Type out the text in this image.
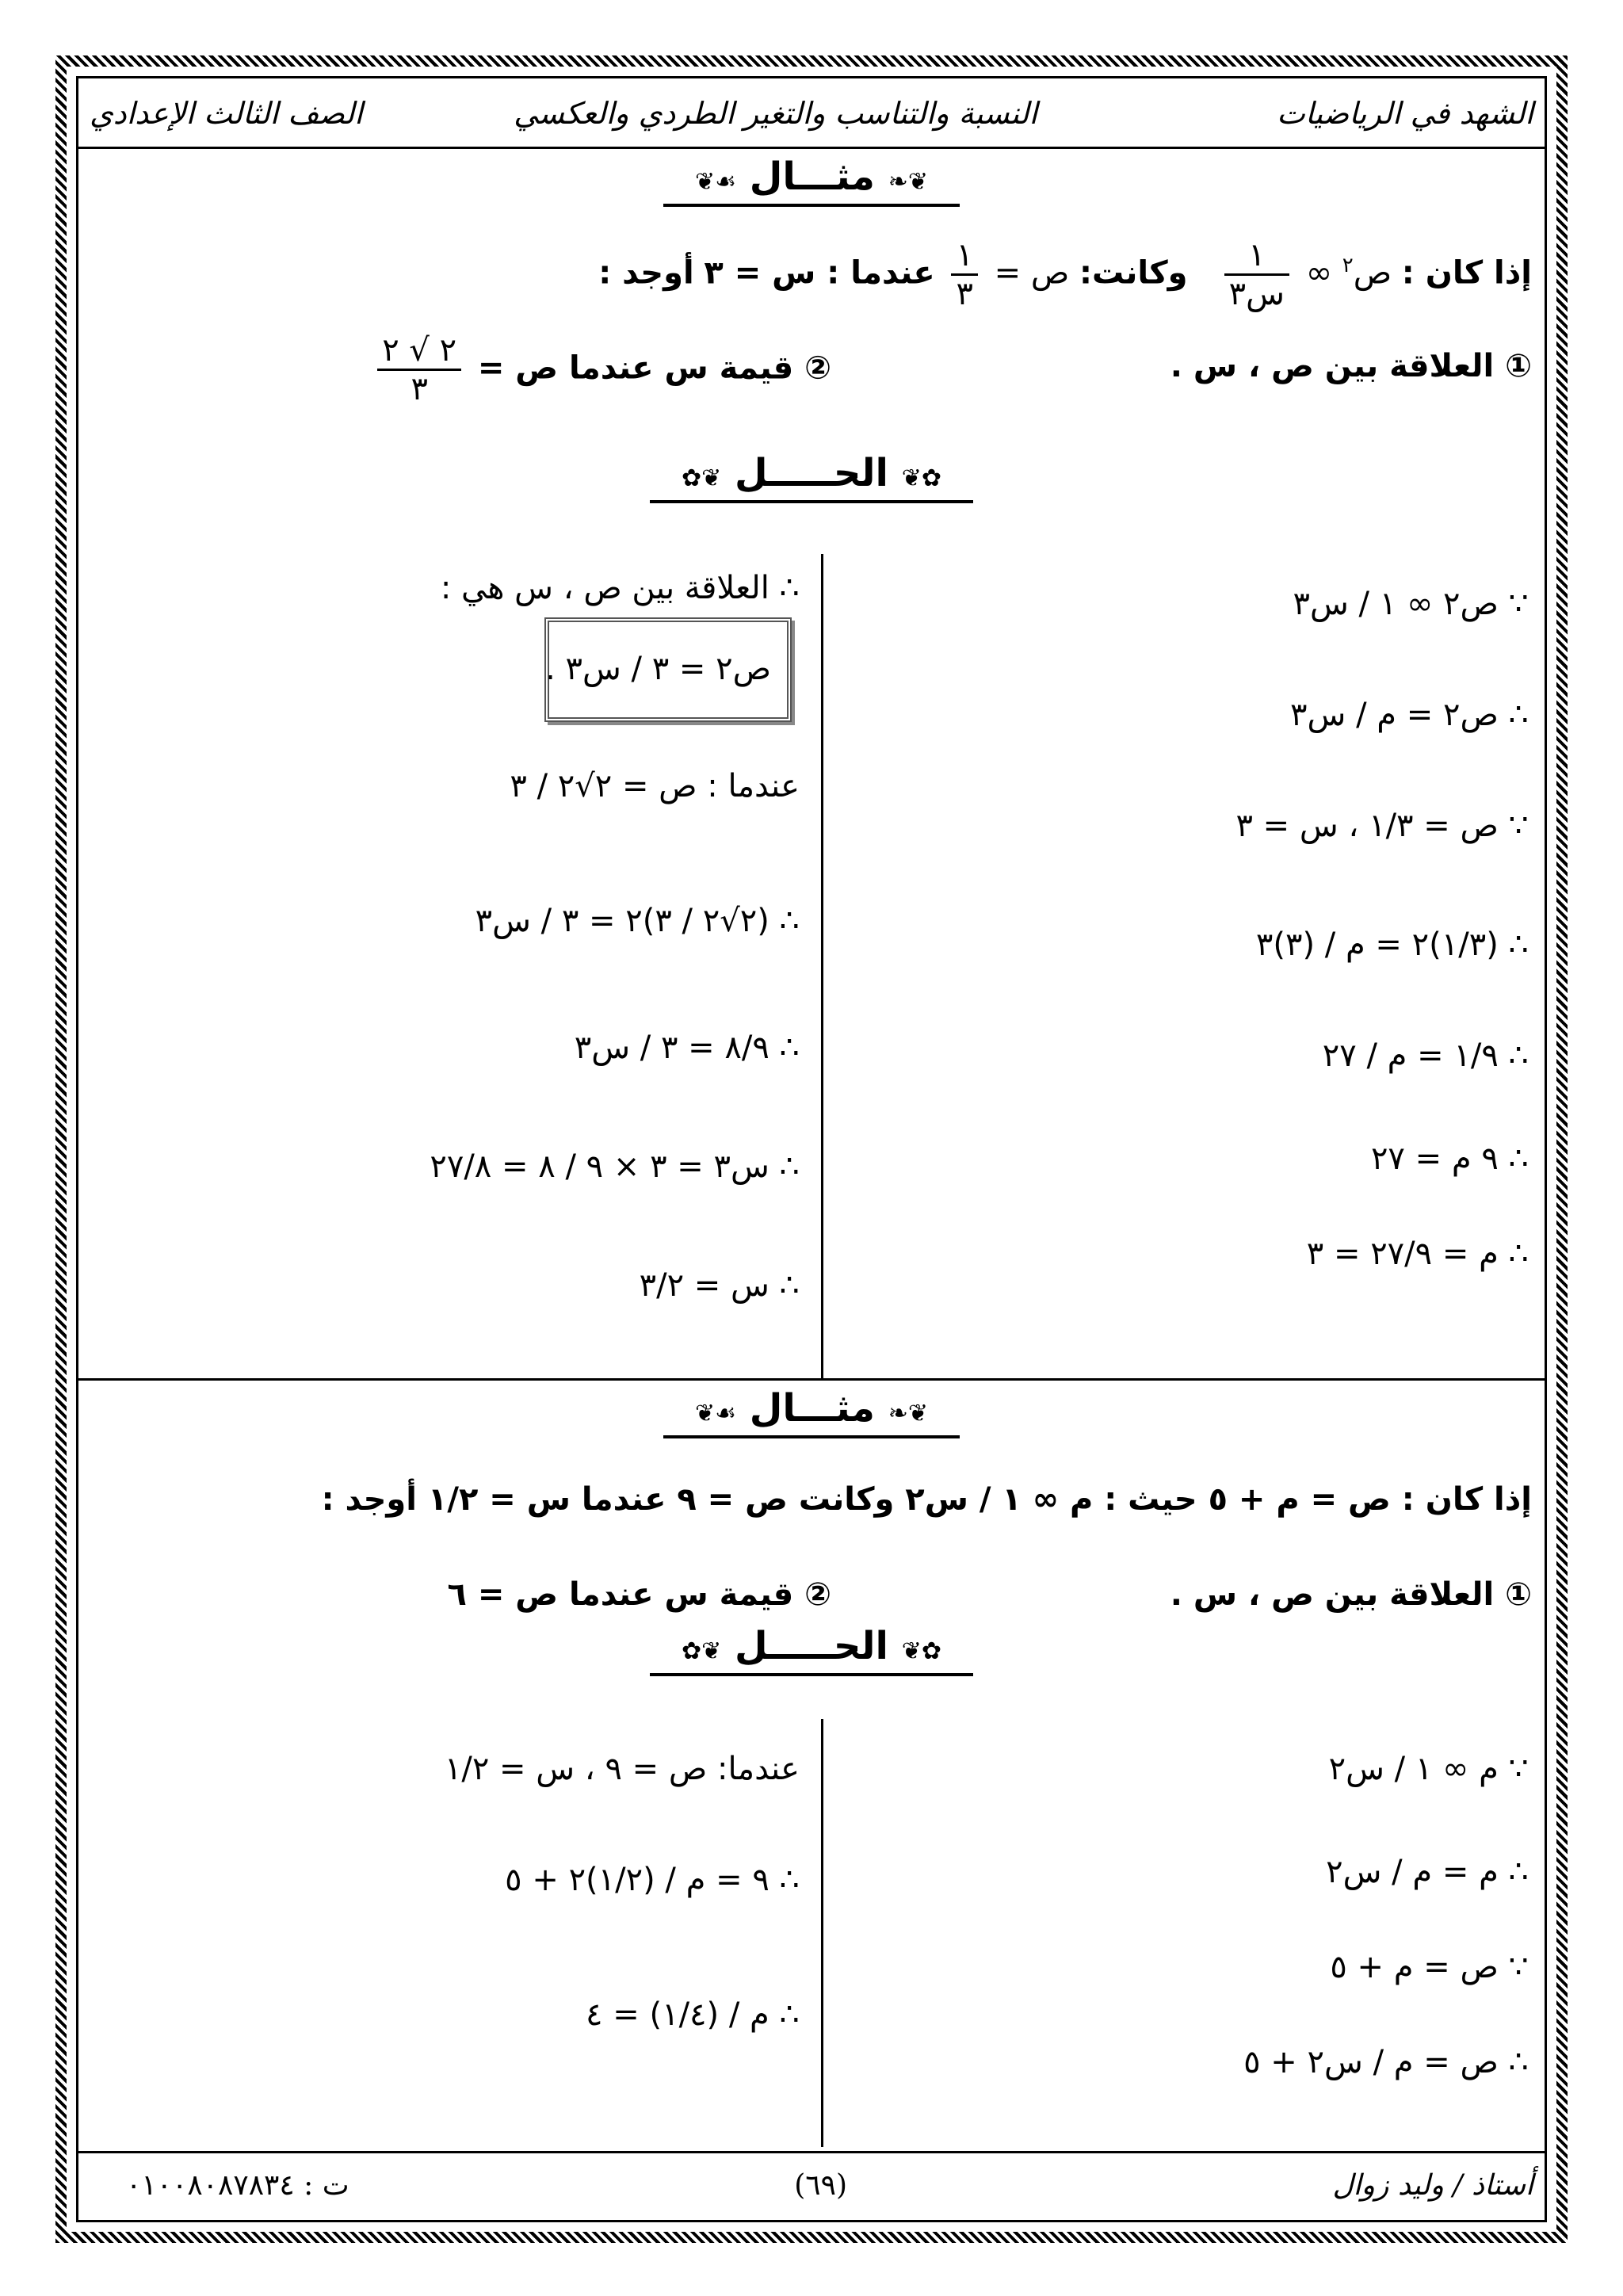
الشهد في الرياضيات
النسبة والتناسب والتغير الطردي والعكسي
الصف الثالث الإعدادي
❦❧ مثـــال ☙❦
إذا كان : ص$^٢$ ∞
$\frac{١}{\text{س٣}}$
وكانت: ص =
$\frac{١}{٣}$
عندما : س = ٣ أوجد :
① العلاقة بين ص ، س .
② قيمة س عندما ص =
$\frac{٢ √ ٢}{٣}$
✿❦ الحـــــل ❦✿
∵ ص٢ ∞ ١ / س٣
∴ ص٢ = م / س٣
∵ ص = ١/٣ ، س = ٣
∴ (١/٣)٢ = م / (٣)٣
∴ ١/٩ = م / ٢٧
∴ ٩ م = ٢٧
∴ م = ٢٧/٩ = ٣
∴ العلاقة بين ص ، س هي :
ص٢ = ٣ / س٣ .
عندما : ص = ٢√٢ / ٣
∴ (٢√٢ / ٣)٢ = ٣ / س٣
∴ ٨/٩ = ٣ / س٣
∴ س٣ = ٣ × ٩ / ٨ = ٢٧/٨
∴ س = ٣/٢
❦❧ مثـــال ☙❦
إذا كان : ص = م + ٥ حيث : م ∞ ١ / س٢ وكانت ص = ٩ عندما س = ١/٢ أوجد :
① العلاقة بين ص ، س .
② قيمة س عندما ص = ٦
✿❦ الحـــــل ❦✿
∵ م ∞ ١ / س٢
∴ م = م / س٢
∵ ص = م + ٥
∴ ص = م / س٢ + ٥
عندما: ص = ٩ ، س = ١/٢
∴ ٩ = م / (١/٢)٢ + ٥
∴ م / (١/٤) = ٤
أستاذ / وليد زوال
(٦٩)
ت : ٠١٠٠٨٠٨٧٨٣٤
